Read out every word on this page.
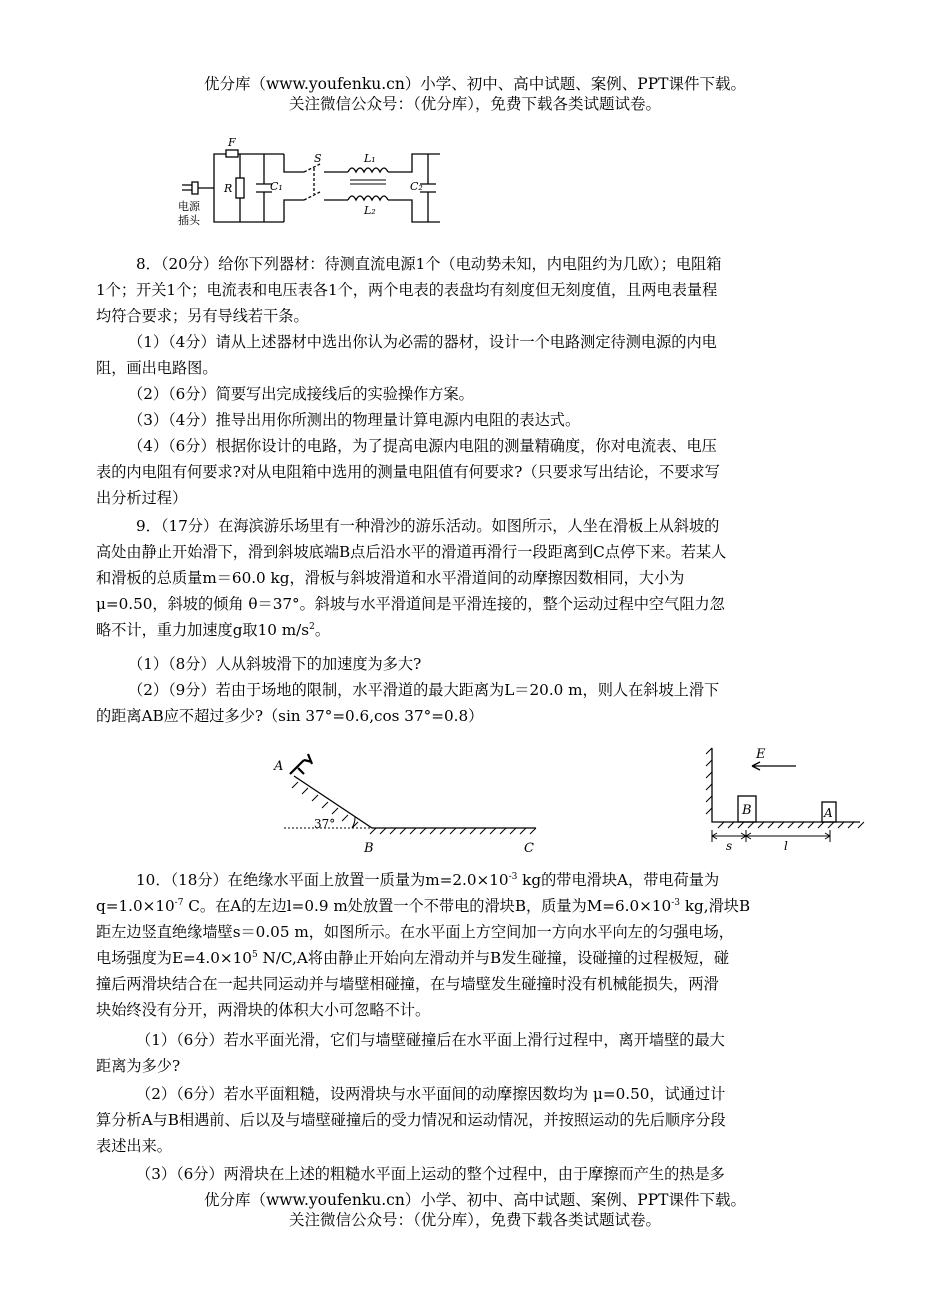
优分库（www.youfenku.cn）小学、初中、高中试题、案例、PPT课件下载。
关注微信公众号：（优分库），免费下载各类试题试卷。
F
R	C₁
S	L₁
L₂
C₂
电源
插头
8．（20分）给你下列器材：待测直流电源1个（电动势未知，内电阻约为几欧）；电阻箱
1个；开关1个；电流表和电压表各1个，两个电表的表盘均有刻度但无刻度值，且两电表量程
均符合要求；另有导线若干条。
（1）（4分）请从上述器材中选出你认为必需的器材，设计一个电路测定待测电源的内电
阻，画出电路图。
（2）（6分）简要写出完成接线后的实验操作方案。
（3）（4分）推导出用你所测出的物理量计算电源内电阻的表达式。
（4）（6分）根据你设计的电路，为了提高电源内电阻的测量精确度，你对电流表、电压
表的内电阻有何要求?对从电阻箱中选用的测量电阻值有何要求?（只要求写出结论，不要求写
出分析过程）
9．（17分）在海滨游乐场里有一种滑沙的游乐活动。如图所示，人坐在滑板上从斜坡的
高处由静止开始滑下，滑到斜坡底端B点后沿水平的滑道再滑行一段距离到C点停下来。若某人
和滑板的总质量m＝60.0 kg，滑板与斜坡滑道和水平滑道间的动摩擦因数相同，大小为
μ=0.50，斜坡的倾角 θ＝37°。斜坡与水平滑道间是平滑连接的，整个运动过程中空气阻力忽
略不计，重力加速度g取10 $m/s^2$。
（1）（8分）人从斜坡滑下的加速度为多大?
（2）（9分）若由于场地的限制，水平滑道的最大距离为L＝20.0 m，则人在斜坡上滑下
的距离AB应不超过多少?（sin 37°=0.6,cos 37°=0.8）
A
37°
B	C
E
B	A
s	l
10．（18分）在绝缘水平面上放置一质量为$m=2.0\times 10^{-3}$ kg的带电滑块A，带电荷量为
$q=1.0\times 10^{-7}$ C。在A的左边l=0.9 m处放置一个不带电的滑块B，质量为$M=6.0\times 10^{-3}$ kg,滑块B
距左边竖直绝缘墙壁s＝0.05 m，如图所示。在水平面上方空间加一方向水平向左的匀强电场，
电场强度为$E=4.0\times 10^5$ N/C,A将由静止开始向左滑动并与B发生碰撞，设碰撞的过程极短，碰
撞后两滑块结合在一起共同运动并与墙壁相碰撞，在与墙壁发生碰撞时没有机械能损失，两滑
块始终没有分开，两滑块的体积大小可忽略不计。
（1）（6分）若水平面光滑，它们与墙壁碰撞后在水平面上滑行过程中，离开墙壁的最大
距离为多少?
（2）（6分）若水平面粗糙，设两滑块与水平面间的动摩擦因数均为 μ=0.50，试通过计
算分析A与B相遇前、后以及与墙壁碰撞后的受力情况和运动情况，并按照运动的先后顺序分段
表述出来。
（3）（6分）两滑块在上述的粗糙水平面上运动的整个过程中，由于摩擦而产生的热是多
优分库（www.youfenku.cn）小学、初中、高中试题、案例、PPT课件下载。
关注微信公众号：（优分库），免费下载各类试题试卷。
